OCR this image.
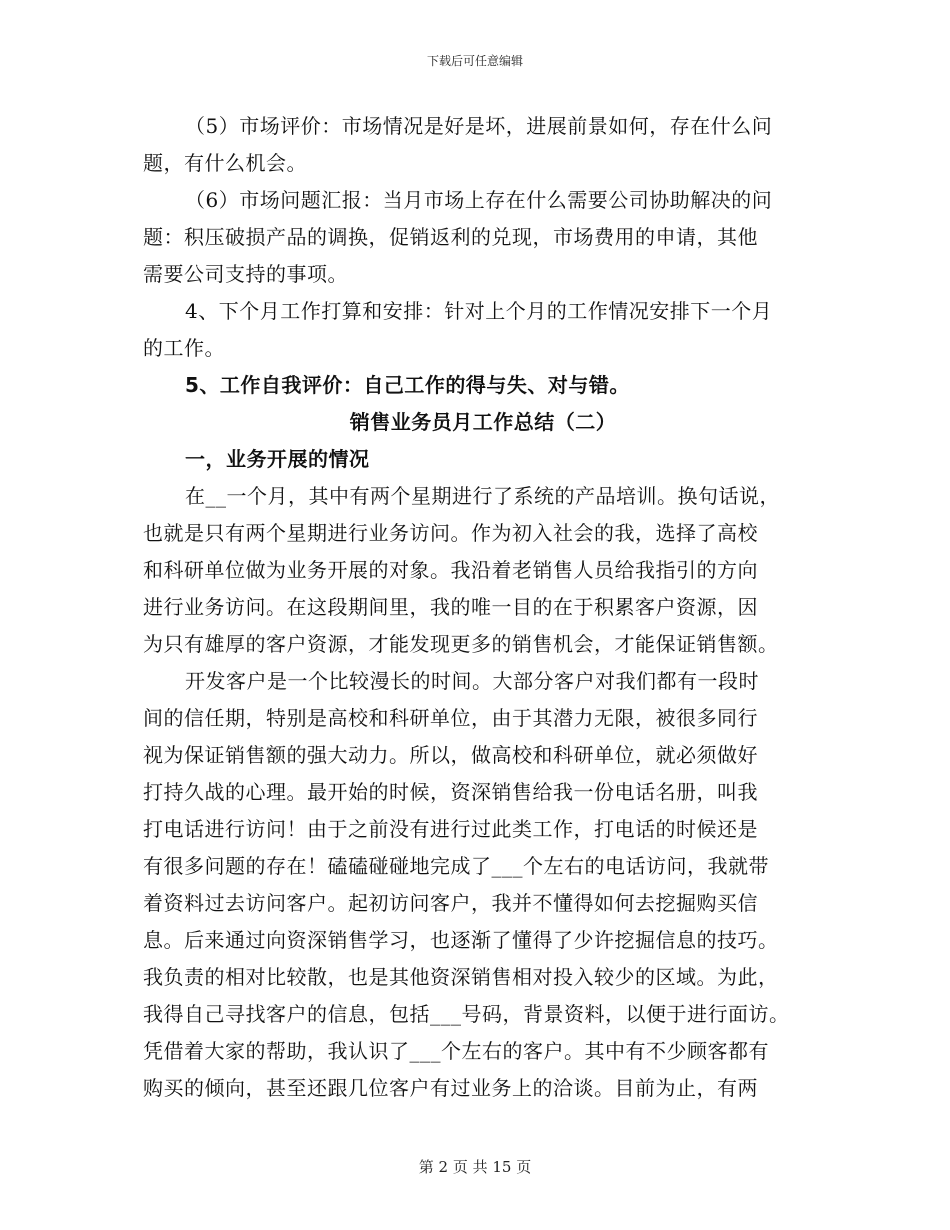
下载后可任意编辑
（5）市场评价：市场情况是好是坏，进展前景如何，存在什么问
题，有什么机会。
（6）市场问题汇报：当月市场上存在什么需要公司协助解决的问
题：积压破损产品的调换，促销返利的兑现，市场费用的申请，其他
需要公司支持的事项。
4、下个月工作打算和安排：针对上个月的工作情况安排下一个月
的工作。
5、工作自我评价：自己工作的得与失、对与错。
销售业务员月工作总结（二）
一，业务开展的情况
在__一个月，其中有两个星期进行了系统的产品培训。换句话说，
也就是只有两个星期进行业务访问。作为初入社会的我，选择了高校
和科研单位做为业务开展的对象。我沿着老销售人员给我指引的方向
进行业务访问。在这段期间里，我的唯一目的在于积累客户资源，因
为只有雄厚的客户资源，才能发现更多的销售机会，才能保证销售额。
开发客户是一个比较漫长的时间。大部分客户对我们都有一段时
间的信任期，特别是高校和科研单位，由于其潜力无限，被很多同行
视为保证销售额的强大动力。所以，做高校和科研单位，就必须做好
打持久战的心理。最开始的时候，资深销售给我一份电话名册，叫我
打电话进行访问！由于之前没有进行过此类工作，打电话的时候还是
有很多问题的存在！磕磕碰碰地完成了___个左右的电话访问，我就带
着资料过去访问客户。起初访问客户，我并不懂得如何去挖掘购买信
息。后来通过向资深销售学习，也逐渐了懂得了少许挖掘信息的技巧。
我负责的相对比较散，也是其他资深销售相对投入较少的区域。为此，
我得自己寻找客户的信息，包括___号码，背景资料，以便于进行面访。
凭借着大家的帮助，我认识了___个左右的客户。其中有不少顾客都有
购买的倾向，甚至还跟几位客户有过业务上的洽谈。目前为止，有两
第 2 页 共 15 页
